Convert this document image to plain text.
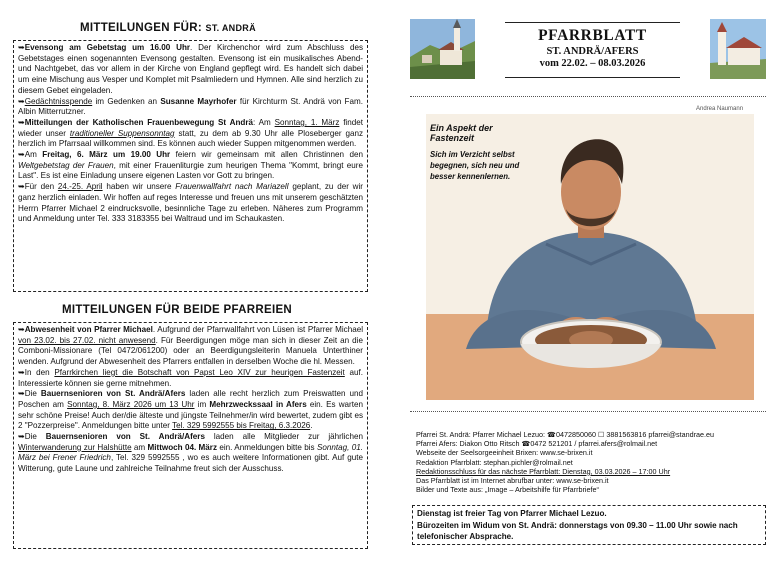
MITTEILUNGEN FÜR: ST. ANDRÄ

➥Evensong am Gebetstag um 16.00 Uhr. Der Kirchenchor wird zum Abschluss des Gebetstages einen sogenannten Evensong gestalten. Evensong ist ein musikalisches Abend- und Nachtgebet, das vor allem in der Kirche von England gepflegt wird. Es handelt sich dabei um eine Mischung aus Vesper und Komplet mit Psalmliedern und Hymnen. Alle sind herzlich zu diesem Gebet eingeladen.

➥Gedächtnisspende im Gedenken an Susanne Mayrhofer für Kirchturm St. Andrä von Fam. Albin Mitterrutzner.

➥Mitteilungen der Katholischen Frauenbewegung St Andrä: Am Sonntag, 1. März findet wieder unser traditioneller Suppensonntag statt, zu dem ab 9.30 Uhr alle Ploseberger ganz herzlich im Pfarrsaal willkommen sind. Es können auch wieder Suppen mitgenommen werden.

➥Am Freitag, 6. März um 19.00 Uhr feiern wir gemeinsam mit allen Christinnen den Weltgebetstag der Frauen, mit einer Frauenliturgie zum heurigen Thema "Kommt, bringt eure Last". Es ist eine Einladung unsere eigenen Lasten vor Gott zu bringen.

➥Für den 24.-25. April haben wir unsere Frauenwallfahrt nach Mariazell geplant, zu der wir ganz herzlich einladen. Wir hoffen auf reges Interesse und freuen uns mit unserem geschätzten Herrn Pfarrer Michael 2 eindrucksvolle, besinnliche Tage zu erleben. Näheres zum Programm und Anmeldung unter Tel. 333 3183355 bei Waltraud und im Schaukasten.

MITTEILUNGEN FÜR BEIDE PFARREIEN

➥Abwesenheit von Pfarrer Michael. Aufgrund der Pfarrwallfahrt von Lüsen ist Pfarrer Michael von 23.02. bis 27.02. nicht anwesend. Für Beerdigungen möge man sich in dieser Zeit an die Comboni-Missionare (Tel 0472/061200) oder an Beerdigungsleiterin Manuela Unterthiner wenden. Aufgrund der Abwesenheit des Pfarrers entfallen in derselben Woche die hl. Messen.

➥In den Pfarrkirchen liegt die Botschaft von Papst Leo XIV zur heurigen Fastenzeit auf. Interessierte können sie gerne mitnehmen.

➥Die Bauernsenioren von St. Andrä/Afers laden alle recht herzlich zum Preiswatten und Poschen am Sonntag, 8. März 2026 um 13 Uhr im Mehrzweckssaal in Afers ein. Es warten sehr schöne Preise! Auch der/die älteste und jüngste Teilnehmer/in wird bewertet, zudem gibt es 2 "Pozzerpreise". Anmeldungen bitte unter Tel. 329 5992555 bis Freitag, 6.3.2026.

➥Die Bauernsenioren von St. Andrä/Afers laden alle Mitglieder zur jährlichen Winterwanderung zur Halshütte am Mittwoch 04. März ein. Anmeldungen bitte bis Sonntag, 01. März bei Frener Friedrich, Tel. 329 5992555 , wo es auch weitere Informationen gibt. Auf gute Witterung, gute Laune und zahlreiche Teilnahme freut sich der Ausschuss.

PFARRBLATT
ST. ANDRÄ/AFERS
vom 22.02. – 08.03.2026
Andrea Naumann
Ein Aspekt der Fastenzeit
Sich im Verzicht selbst begegnen, sich neu und besser kennenlernen.
Pfarrei St. Andrä: Pfarrer Michael Lezuo: ☎0472850060 ☐ 3881563816 pfarrei@standrae.eu
Pfarrei Afers: Diakon Otto Ritsch ☎0472 521201 / pfarrei.afers@rolmail.net
Webseite der Seelsorgeeinheit Brixen: www.se-brixen.it
Redaktion Pfarrblatt: stephan.pichler@rolmail.net
Redaktionsschluss für das nächste Pfarrblatt: Dienstag, 03.03.2026 – 17:00 Uhr
Das Pfarrblatt ist im Internet abrufbar unter: www.se-brixen.it
Bilder und Texte aus: „Image – Arbeitshilfe für Pfarrbriefe“
Dienstag ist freier Tag von Pfarrer Michael Lezuo.
Bürozeiten im Widum von St. Andrä: donnerstags von 09.30 – 11.00 Uhr sowie nach telefonischer Absprache.
